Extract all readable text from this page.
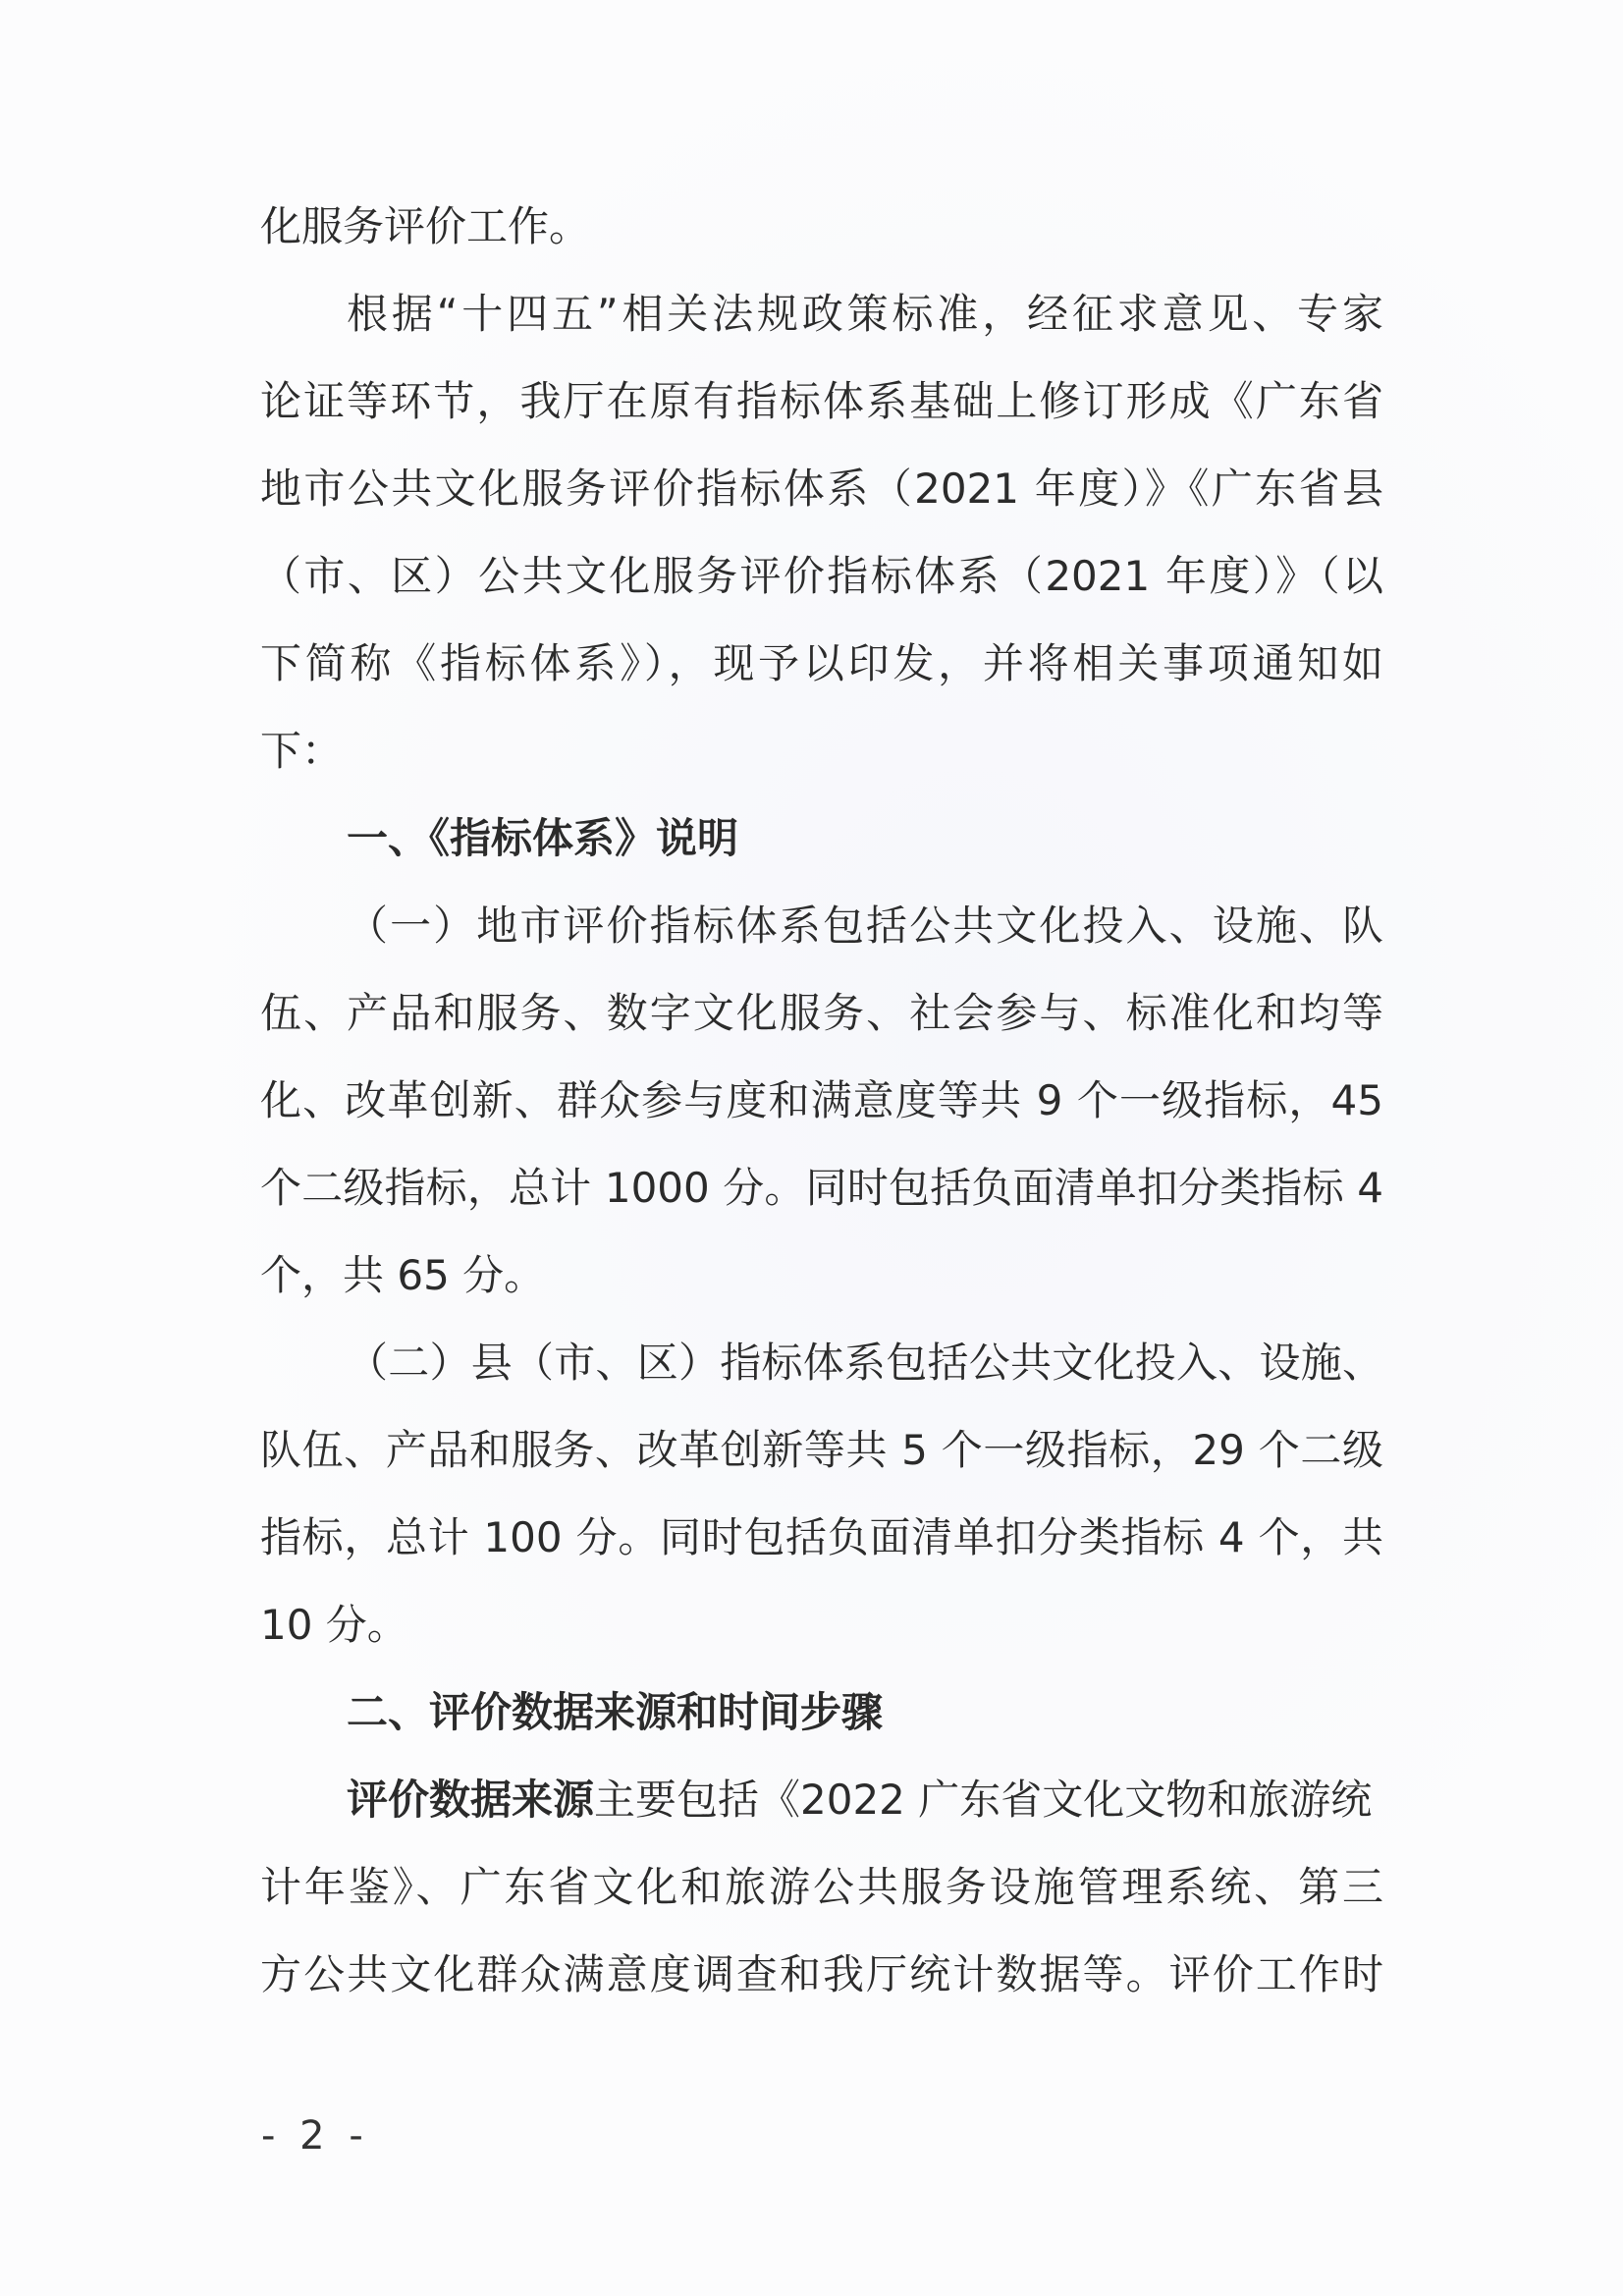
化服务评价工作。
根据“十四五”相关法规政策标准，经征求意见、专家
论证等环节，我厅在原有指标体系基础上修订形成《广东省
地市公共文化服务评价指标体系（2021 年度）》《广东省县
（市、区）公共文化服务评价指标体系（2021 年度）》（以
下简称《指标体系》），现予以印发，并将相关事项通知如
下：
一、《指标体系》说明
（一）地市评价指标体系包括公共文化投入、设施、队
伍、产品和服务、数字文化服务、社会参与、标准化和均等
化、改革创新、群众参与度和满意度等共 9 个一级指标，45
个二级指标，总计 1000 分。同时包括负面清单扣分类指标 4
个，共 65 分。
（二）县（市、区）指标体系包括公共文化投入、设施、
队伍、产品和服务、改革创新等共 5 个一级指标，29 个二级
指标，总计 100 分。同时包括负面清单扣分类指标 4 个，共
10 分。
二、评价数据来源和时间步骤
评价数据来源主要包括《2022 广东省文化文物和旅游统
计年鉴》、广东省文化和旅游公共服务设施管理系统、第三
方公共文化群众满意度调查和我厅统计数据等。评价工作时
- 2 -
